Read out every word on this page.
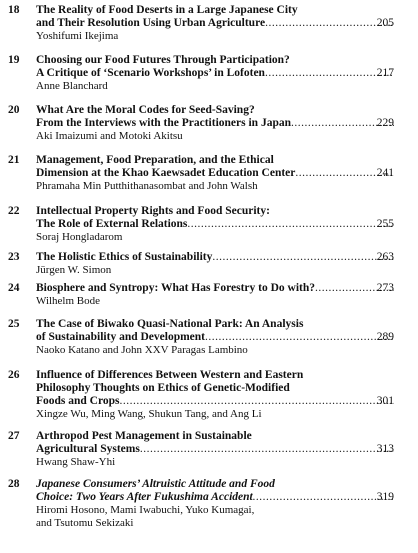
18 The Reality of Food Deserts in a Large Japanese City
and Their Resolution Using Urban Agriculture
.....
Yoshifumi Ikejima
205
19 Choosing our Food Futures Through Participation?
A Critique of ‘Scenario Workshops’ in Lofoten
.....
Anne Blanchard
217
20 What Are the Moral Codes for Seed-Saving?
From the Interviews with the Practitioners in Japan
.....
Aki Imaizumi and Motoki Akitsu
229
21 Management, Food Preparation, and the Ethical
Dimension at the Khao Kaewsadet Education Center
.....
Phramaha Min Putthithanasombat and John Walsh
241
22 Intellectual Property Rights and Food Security:
The Role of External Relations
.....
Soraj Hongladarom
255
23 The Holistic Ethics of Sustainability
.....
Jürgen W. Simon
263
24 Biosphere and Syntropy: What Has Forestry to Do with?
.....
Wilhelm Bode
273
25 The Case of Biwako Quasi-National Park: An Analysis
of Sustainability and Development
.....
Naoko Katano and John XXV Paragas Lambino
289
26 Influence of Differences Between Western and Eastern
Philosophy Thoughts on Ethics of Genetic-Modified
Foods and Crops
.....
Xingze Wu, Ming Wang, Shukun Tang, and Ang Li
301
27 Arthropod Pest Management in Sustainable
Agricultural Systems
.....
Hwang Shaw-Yhi
313
28 Japanese Consumers’ Altruistic Attitude and Food
Choice: Two Years After Fukushima Accident
.....
Hiromi Hosono, Mami Iwabuchi, Yuko Kumagai,
and Tsutomu Sekizaki
319
